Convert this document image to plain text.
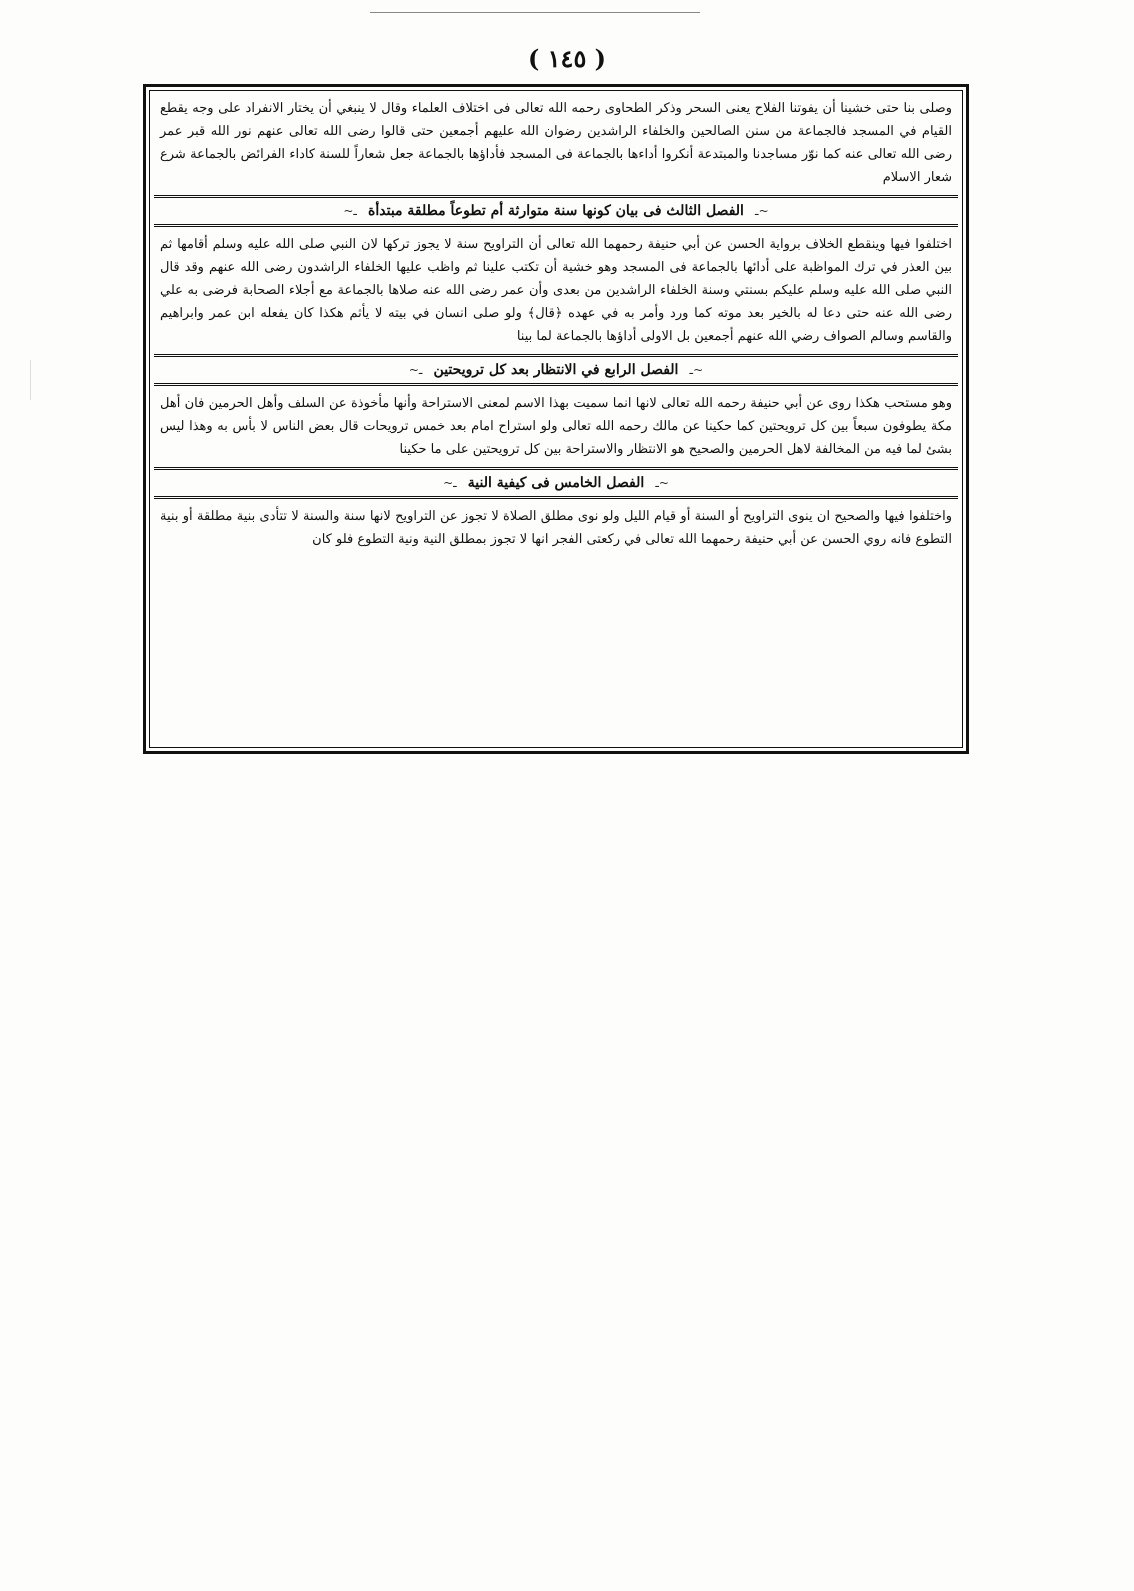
( ١٤٥ )

وصلى بنا حتى خشينا أن يفوتنا الفلاح يعنى السحر وذكر الطحاوى رحمه الله تعالى فى اختلاف العلماء وقال لا ينبغي أن يختار الانفراد على وجه يقطع القيام في المسجد فالجماعة من سنن الصالحين والخلفاء الراشدين رضوان الله عليهم أجمعين حتى قالوا رضى الله تعالى عنهم نور الله قبر عمر رضى الله تعالى عنه كما نوّر مساجدنا والمبتدعة أنكروا أداءها بالجماعة فى المسجد فأداؤها بالجماعة جعل شعاراً للسنة كاداء الفرائض بالجماعة شرع شعار الاسلام

~ـ الفصل الثالث فى بيان كونها سنة متوارثة أم تطوعاً مطلقة مبتدأة ـ~

اختلفوا فيها وينقطع الخلاف برواية الحسن عن أبي حنيفة رحمهما الله تعالى أن التراويح سنة لا يجوز تركها لان النبي صلى الله عليه وسلم أقامها ثم بين العذر في ترك المواظبة على أدائها بالجماعة فى المسجد وهو خشية أن تكتب علينا ثم واظب عليها الخلفاء الراشدون رضى الله عنهم وقد قال النبي صلى الله عليه وسلم عليكم بسنتي وسنة الخلفاء الراشدين من بعدى وأن عمر رضى الله عنه صلاها بالجماعة مع أجلاء الصحابة فرضى به علي رضى الله عنه حتى دعا له بالخير بعد موته كما ورد وأمر به في عهده ﴿قال﴾ ولو صلى انسان في بيته لا يأثم هكذا كان يفعله ابن عمر وابراهيم والقاسم وسالم الصواف رضي الله عنهم أجمعين بل الاولى أداؤها بالجماعة لما بينا

~ـ الفصل الرابع في الانتظار بعد كل ترويحتين ـ~

وهو مستحب هكذا روى عن أبي حنيفة رحمه الله تعالى لانها انما سميت بهذا الاسم لمعنى الاستراحة وأنها مأخوذة عن السلف وأهل الحرمين فان أهل مكة يطوفون سبعاً بين كل ترويحتين كما حكينا عن مالك رحمه الله تعالى ولو استراح امام بعد خمس ترويحات قال بعض الناس لا بأس به وهذا ليس بشئ لما فيه من المخالفة لاهل الحرمين والصحيح هو الانتظار والاستراحة بين كل ترويحتين على ما حكينا

~ـ الفصل الخامس فى كيفية النية ـ~

واختلفوا فيها والصحيح ان ينوى التراويح أو السنة أو قيام الليل ولو نوى مطلق الصلاة لا تجوز عن التراويح لانها سنة والسنة لا تتأدى بنية مطلقة أو بنية التطوع فانه روي الحسن عن أبي حنيفة رحمهما الله تعالى في ركعتى الفجر انها لا تجوز بمطلق النية ونية التطوع فلو كان
